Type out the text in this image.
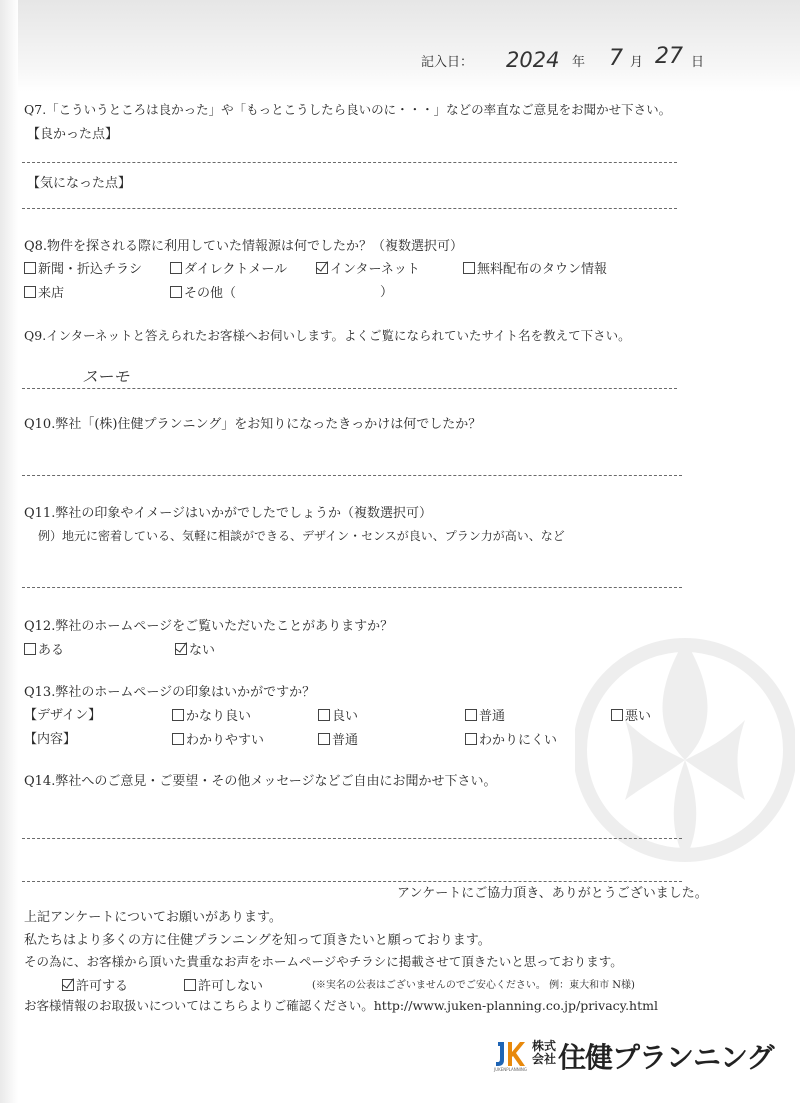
記入日： 2024 年 7 月 27 日
Q7.「こういうところは良かった」や「もっとこうしたら良いのに・・・」などの率直なご意見をお聞かせ下さい。
【良かった点】
【気になった点】
Q8.物件を探される際に利用していた情報源は何でしたか？（複数選択可）
新聞・折込チラシ	ダイレクトメール	インターネット	無料配布のタウン情報
来店	その他（	）
Q9.インターネットと答えられたお客様へお伺いします。よくご覧になられていたサイト名を教えて下さい。
スーモ
Q10.弊社「(株)住健プランニング」をお知りになったきっかけは何でしたか？
Q11.弊社の印象やイメージはいかがでしたでしょうか（複数選択可）
例）地元に密着している、気軽に相談ができる、デザイン・センスが良い、プラン力が高い、など
Q12.弊社のホームページをご覧いただいたことがありますか？
ある	ない
Q13.弊社のホームページの印象はいかがですか？
【デザイン】	かなり良い	良い	普通	悪い
【内容】	わかりやすい	普通	わかりにくい
Q14.弊社へのご意見・ご要望・その他メッセージなどご自由にお聞かせ下さい。
アンケートにご協力頂き、ありがとうございました。
上記アンケートについてお願いがあります。
私たちはより多くの方に住健プランニングを知って頂きたいと願っております。
その為に、お客様から頂いた貴重なお声をホームページやチラシに掲載させて頂きたいと思っております。
許可する	許可しない	(※実名の公表はございませんのでご安心ください。 例：東大和市 N様)
お客様情報のお取扱いについてはこちらよりご確認ください。http://www.juken-planning.co.jp/privacy.html
JUKENPLANNING
株式会社 住健プランニング
